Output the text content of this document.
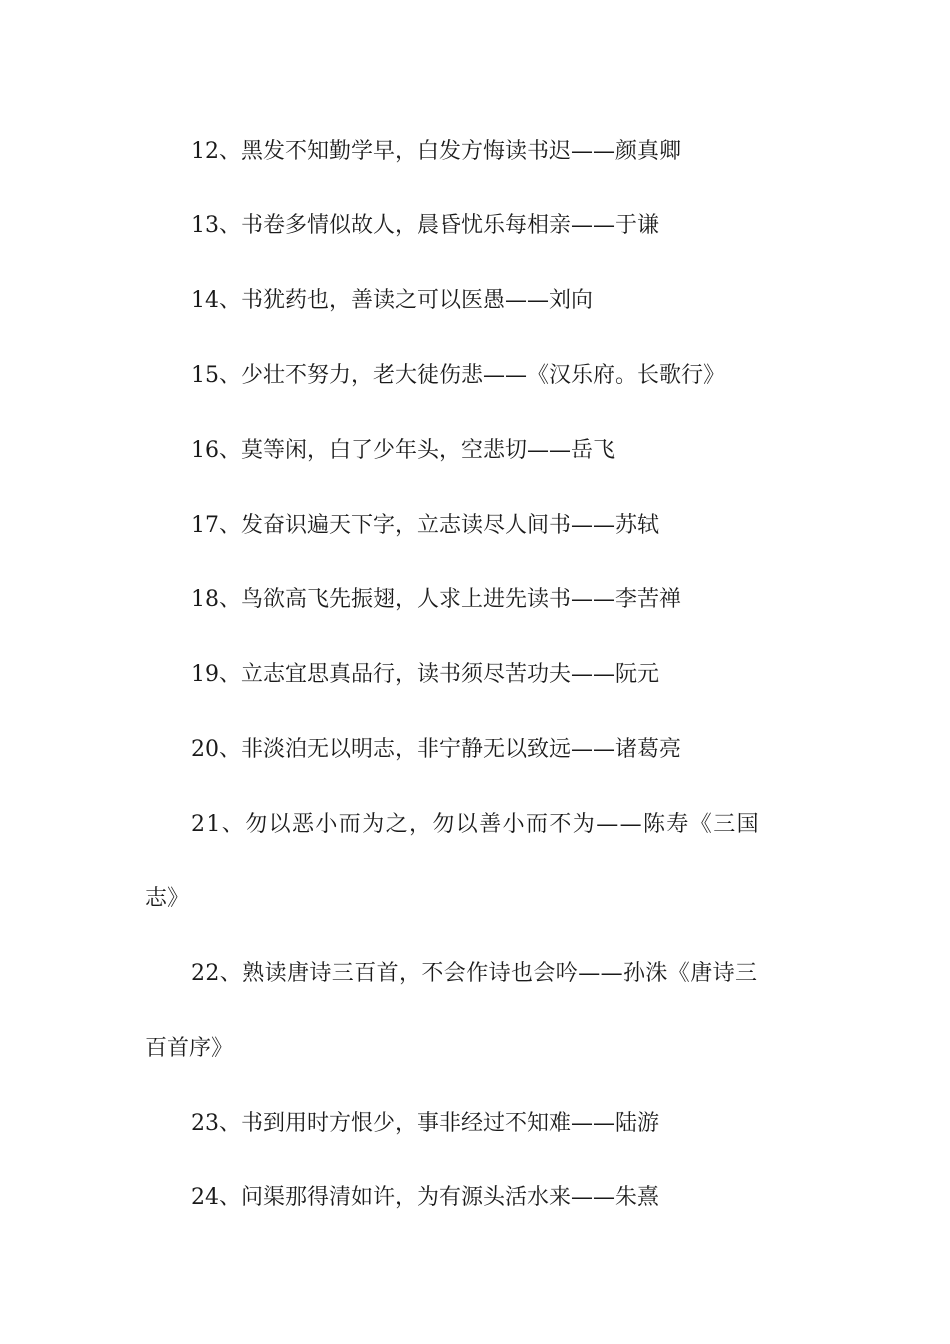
12、黑发不知勤学早，白发方悔读书迟——颜真卿

13、书卷多情似故人，晨昏忧乐每相亲——于谦

14、书犹药也，善读之可以医愚——刘向

15、少壮不努力，老大徒伤悲——《汉乐府。长歌行》

16、莫等闲，白了少年头，空悲切——岳飞

17、发奋识遍天下字，立志读尽人间书——苏轼

18、鸟欲高飞先振翅，人求上进先读书——李苦禅

19、立志宜思真品行，读书须尽苦功夫——阮元

20、非淡泊无以明志，非宁静无以致远——诸葛亮

21、勿以恶小而为之，勿以善小而不为——陈寿《三国

志》

22、熟读唐诗三百首，不会作诗也会吟——孙洙《唐诗三

百首序》

23、书到用时方恨少，事非经过不知难——陆游

24、问渠那得清如许，为有源头活水来——朱熹
